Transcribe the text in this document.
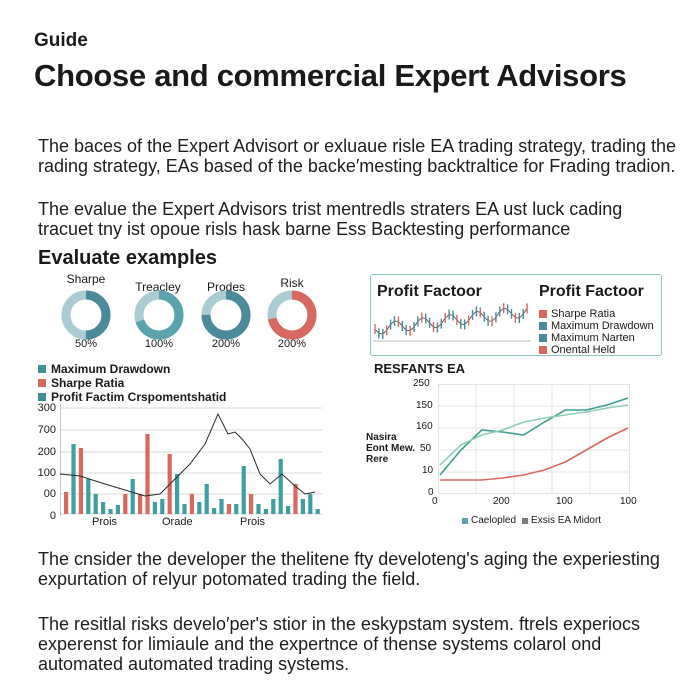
Guide
Choose and commercial Expert Advisors
The baces of the Expert Advisort or exluaue risle EA trading strategy, trading the rading strategy, EAs based of the backe′mesting backtraltice for Frading tradion.
The evalue the Expert Advisors trist mentredls straters EA ust luck cading tracuet tny ist opoue risls hask barne Ess Backtesting performance
Evaluate examples
Sharpe
Treacley	Prodes	Risk
50%	100%	200%	200%
Maximum Drawdown
Sharpe Ratia
Profit Factim Crspomentshatid
300
700
200
100
00
0	Prois	Orade	Prois
Profit Factoor	Profit Factoor
Sharpe Ratia
Maximum Drawdown
Maximum Narten
Onental Held
RESFANTS EA
250
150
160
50
10
0
Nasira Eont Mew. Rere
0	200	100	100
Caelopled Exsis EA Midort
The cnsider the developer the thelitene fty develoteng's aging the experiesting expurtation of relyur potomated trading the field.
The resitlal risks develo′per's stior in the eskypstam system. ftrels experiocs experenst for limiaule and the expertnce of thense systems colarol ond automated automated trading systems.
